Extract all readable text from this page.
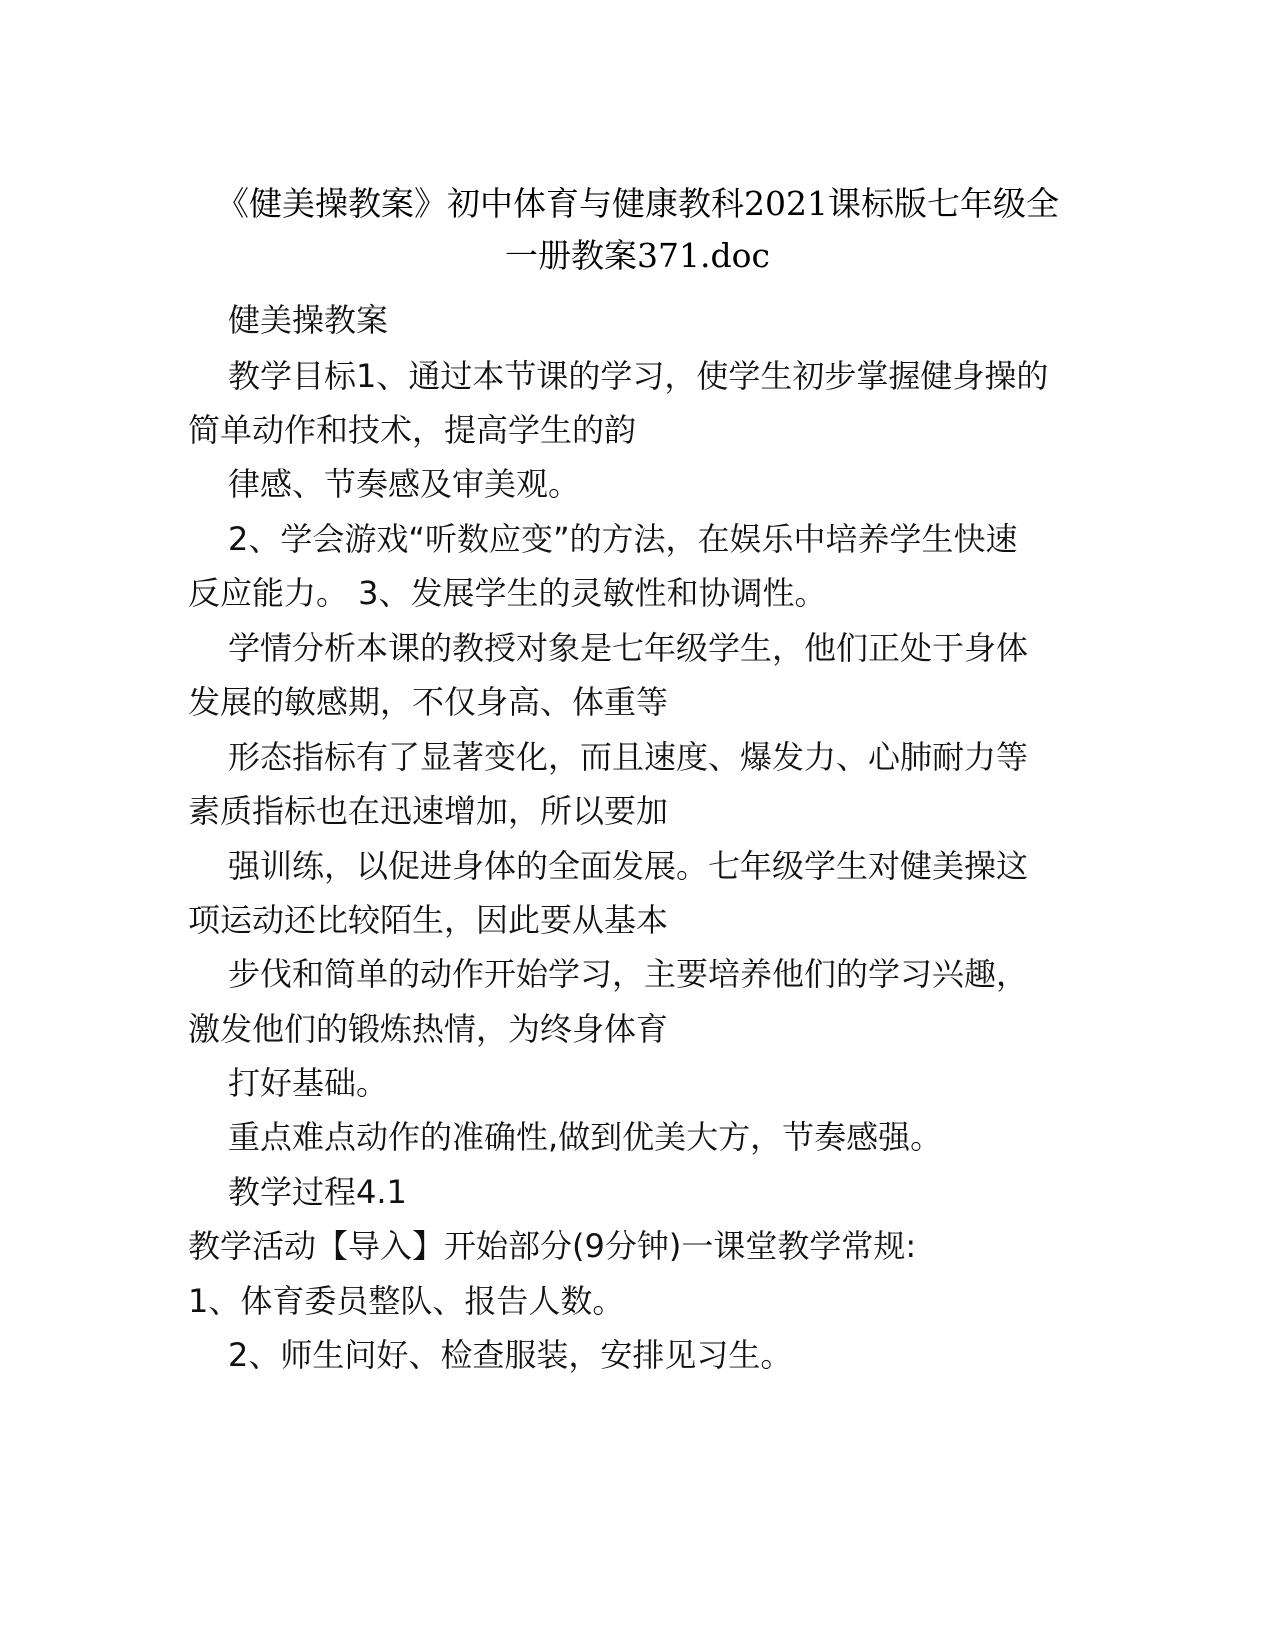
《健美操教案》初中体育与健康教科2021课标版七年级全
一册教案371.doc
健美操教案
教学目标1、通过本节课的学习，使学生初步掌握健身操的
简单动作和技术，提高学生的韵
律感、节奏感及审美观。
2、学会游戏“听数应变”的方法，在娱乐中培养学生快速
反应能力。 3、发展学生的灵敏性和协调性。
学情分析本课的教授对象是七年级学生，他们正处于身体
发展的敏感期，不仅身高、体重等
形态指标有了显著变化，而且速度、爆发力、心肺耐力等
素质指标也在迅速增加，所以要加
强训练，以促进身体的全面发展。七年级学生对健美操这
项运动还比较陌生，因此要从基本
步伐和简单的动作开始学习，主要培养他们的学习兴趣，
激发他们的锻炼热情，为终身体育
打好基础。
重点难点动作的准确性,做到优美大方，节奏感强。
教学过程4.1
教学活动【导入】开始部分(9分钟)一课堂教学常规:
1、体育委员整队、报告人数。
2、师生问好、检查服装，安排见习生。
